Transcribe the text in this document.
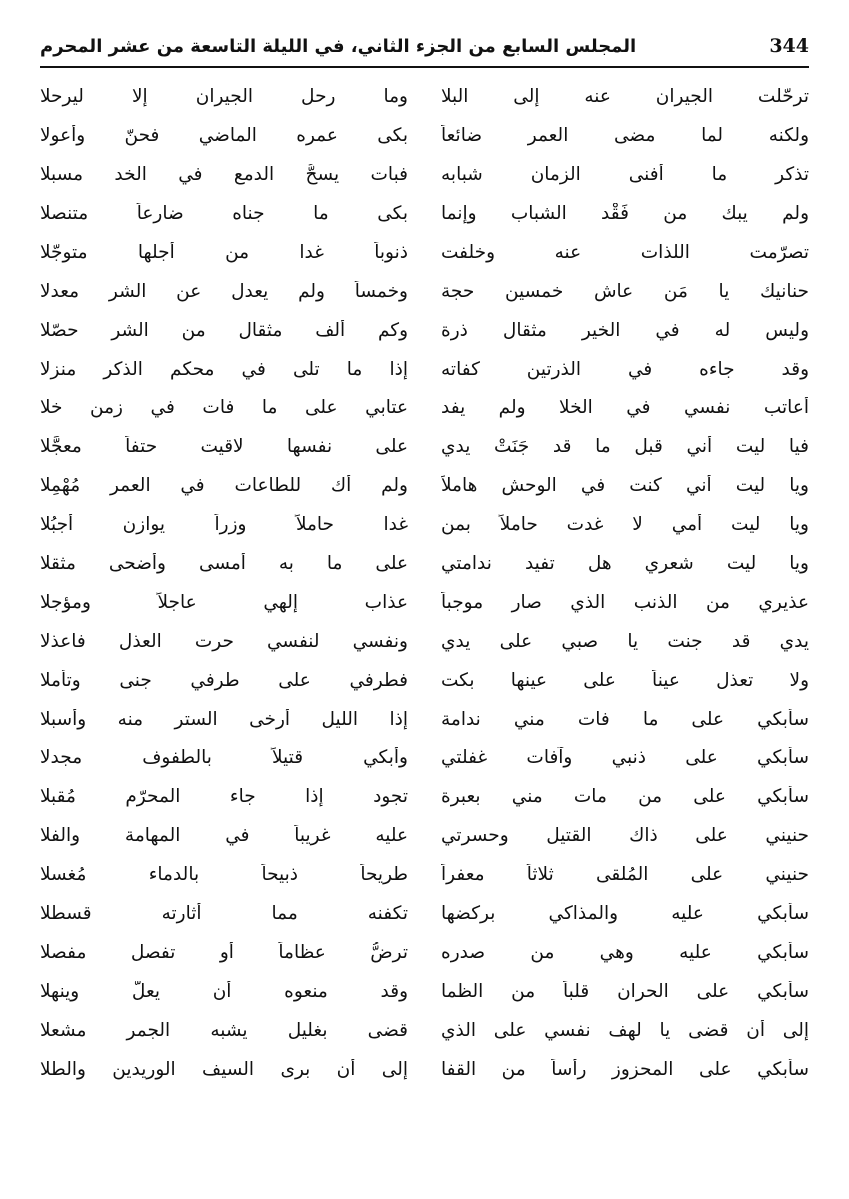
344
المجلس السابع من الجزء الثاني، في الليلة التاسعة من عشر المحرم
ترحّلت الجيران عنه إلى البلا
وما رحل الجيران إلا ليرحلا
ولكنه لما مضى العمر ضائعاً
بكى عمره الماضي فحنّ وأعولا
تذكر ما أفنى الزمان شبابه
فبات يسحُّ الدمع في الخد مسبلا
ولم يبك من فَقْد الشباب وإنما
بكى ما جناه ضارعاً متنصلا
تصرّمت اللذات عنه وخلفت
ذنوباً غدا من أجلها متوجّلا
حنانيك يا مَن عاش خمسين حجة
وخمساً ولم يعدل عن الشر معدلا
وليس له في الخير مثقال ذرة
وكم ألف مثقال من الشر حصّلا
وقد جاءه في الذرتين كفاته
إذا ما تلى في محكم الذكر منزلا
أعاتب نفسي في الخلا ولم يفد
عتابي على ما فات في زمن خلا
فيا ليت أني قبل ما قد جَنَتْ يدي
على نفسها لاقيت حتفاً معجَّلا
ويا ليت أني كنت في الوحش هاملاً
ولم أك للطاعات في العمر مُهْمِلا
ويا ليت أمي لا غدت حاملاً بمن
غدا حاملاً وزراً يوازن أجبُلا
ويا ليت شعري هل تفيد ندامتي
على ما به أمسى وأضحى مثقلا
عذيري من الذنب الذي صار موجباً
عذاب إلهي عاجلاً ومؤجلا
يدي قد جنت يا صبي على يدي
ونفسي لنفسي حرت العذل فاعذلا
ولا تعذل عيناً على عينها بكت
فطرفي على طرفي جنى وتأملا
سأبكي على ما فات مني ندامة
إذا الليل أرخى الستر منه وأسبلا
سأبكي على ذنبي وآفات غفلتي
وأبكي قتيلاً بالطفوف مجدلا
سأبكي على من مات مني بعبرة
تجود إذا جاء المحرّم مُقبلا
حنيني على ذاك القتيل وحسرتي
عليه غريباً في المهامة والفلا
حنيني على المُلقى ثلاثاً معفراً
طريحاً ذبيحاً بالدماء مُغسلا
سأبكي عليه والمذاكي بركضها
تكفنه مما أثارته قسطلا
سأبكي عليه وهي من صدره
ترضُّ عظاماً أو تفصل مفصلا
سأبكي على الحران قلباً من الظما
وقد منعوه أن يعلّ وينهلا
إلى أن قضى يا لهف نفسي على الذي
قضى بغليل يشبه الجمر مشعلا
سأبكي على المحزوز رأساً من القفا
إلى أن برى السيف الوريدين والطلا
